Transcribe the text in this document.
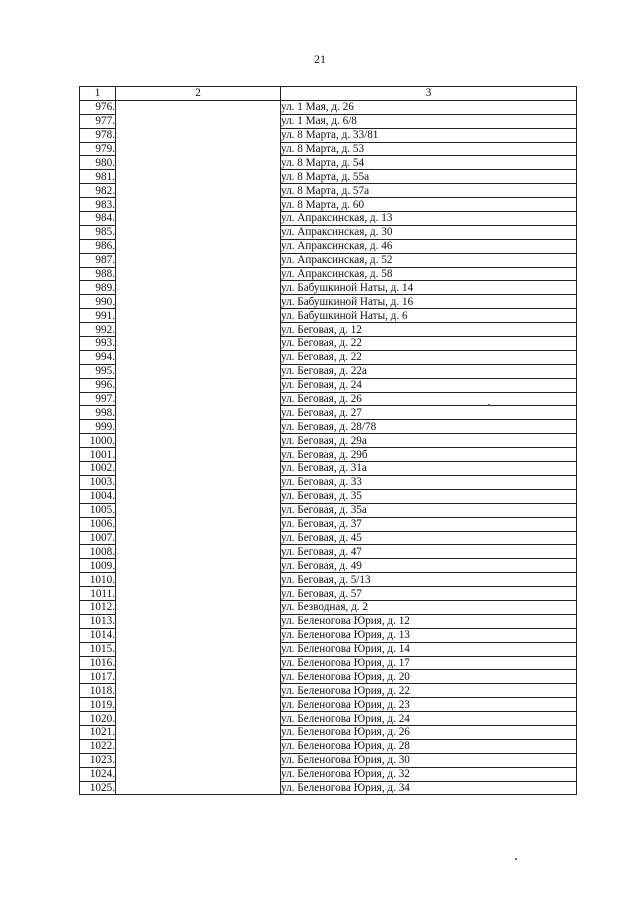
21
1	2	3
976.		ул. 1 Мая, д. 26
977.		ул. 1 Мая, д. 6/8
978.		ул. 8 Марта, д. 33/81
979.		ул. 8 Марта, д. 53
980.		ул. 8 Марта, д. 54
981.		ул. 8 Марта, д. 55а
982.		ул. 8 Марта, д. 57а
983.		ул. 8 Марта, д. 60
984.		ул. Апраксинская, д. 13
985.		ул. Апраксинская, д. 30
986.		ул. Апраксинская, д. 46
987.		ул. Апраксинская, д. 52
988.		ул. Апраксинская, д. 58
989.		ул. Бабушкиной Наты, д. 14
990.		ул. Бабушкиной Наты, д. 16
991.		ул. Бабушкиной Наты, д. 6
992.		ул. Беговая, д. 12
993.		ул. Беговая, д. 22
994.		ул. Беговая, д. 22
995.		ул. Беговая, д. 22а
996.		ул. Беговая, д. 24
997.		ул. Беговая, д. 26
998.		ул. Беговая, д. 27
999.		ул. Беговая, д. 28/78
1000.		ул. Беговая, д. 29а
1001.		ул. Беговая, д. 29б
1002.		ул. Беговая, д. 31а
1003.		ул. Беговая, д. 33
1004.		ул. Беговая, д. 35
1005.		ул. Беговая, д. 35а
1006.		ул. Беговая, д. 37
1007.		ул. Беговая, д. 45
1008.		ул. Беговая, д. 47
1009.		ул. Беговая, д. 49
1010.		ул. Беговая, д. 5/13
1011.		ул. Беговая, д. 57
1012.		ул. Безводная, д. 2
1013.		ул. Беленогова Юрия, д. 12
1014.		ул. Беленогова Юрия, д. 13
1015.		ул. Беленогова Юрия, д. 14
1016.		ул. Беленогова Юрия, д. 17
1017.		ул. Беленогова Юрия, д. 20
1018.		ул. Беленогова Юрия, д. 22
1019.		ул. Беленогова Юрия, д. 23
1020.		ул. Беленогова Юрия, д. 24
1021.		ул. Беленогова Юрия, д. 26
1022.		ул. Беленогова Юрия, д. 28
1023.		ул. Беленогова Юрия, д. 30
1024.		ул. Беленогова Юрия, д. 32
1025.		ул. Беленогова Юрия, д. 34
